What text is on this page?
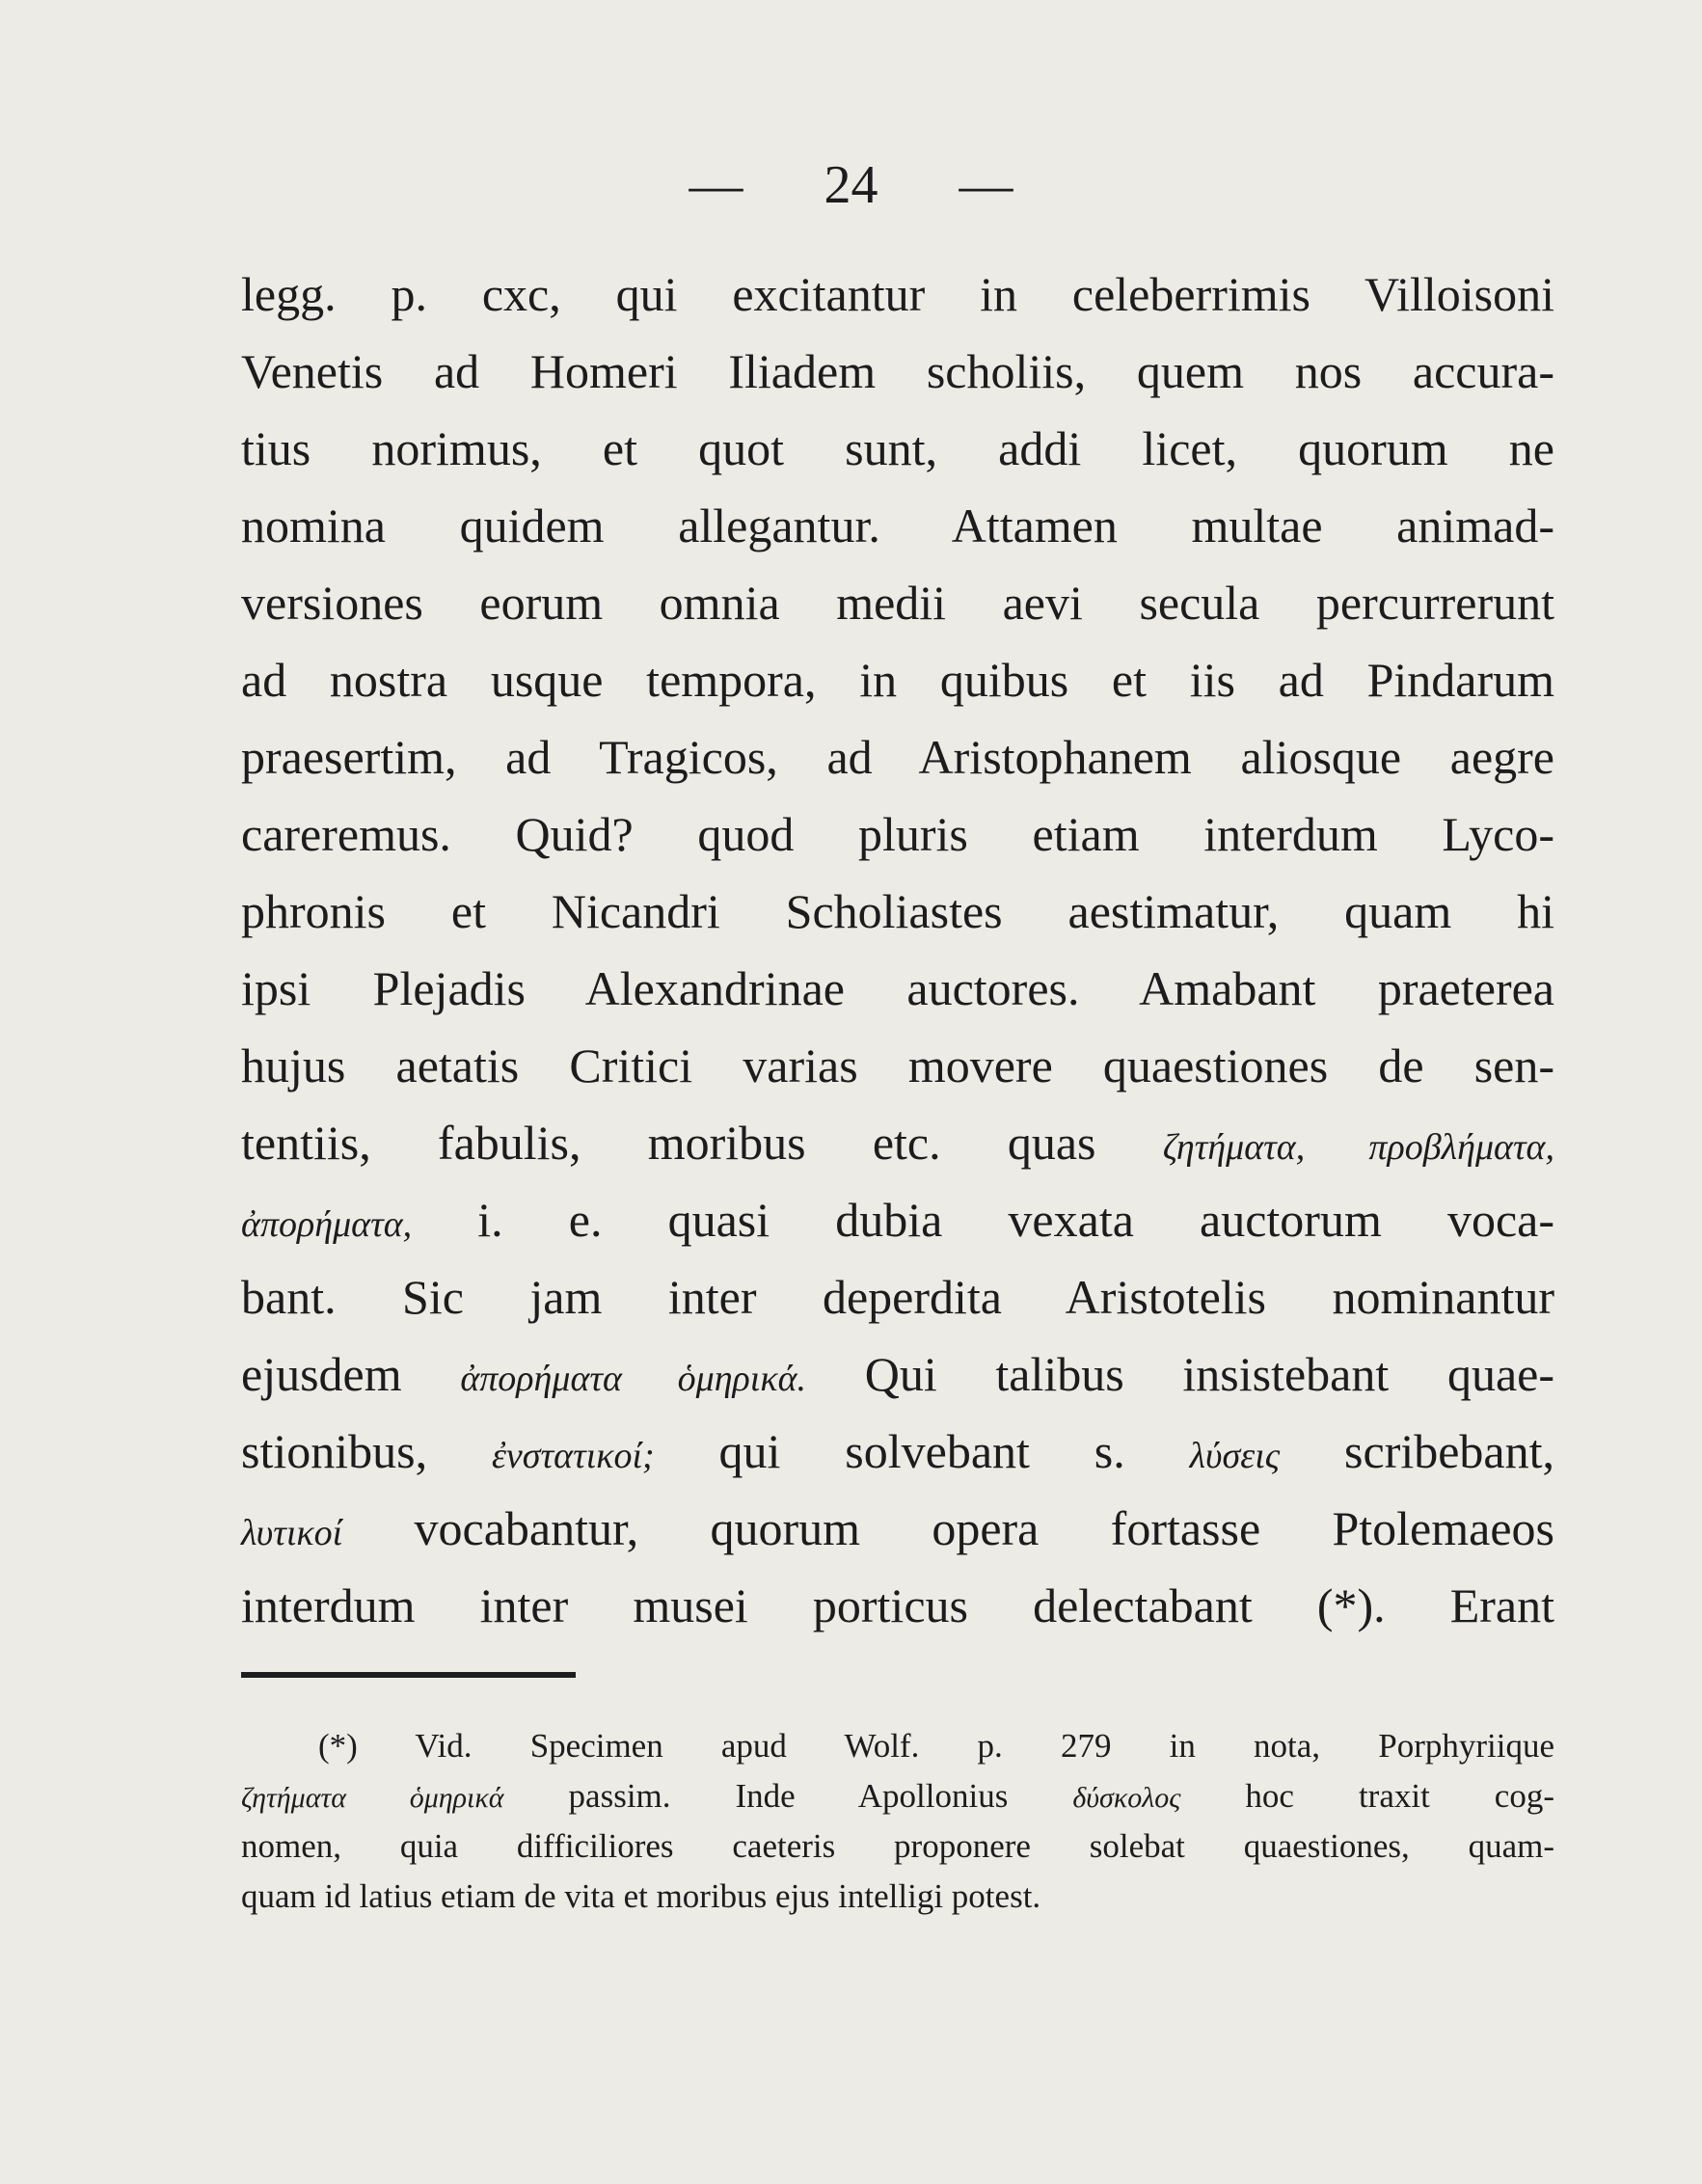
— 24 —
legg. p. cxc, qui excitantur in celeberrimis Villoisoni
Venetis ad Homeri Iliadem scholiis, quem nos accura-
tius norimus, et quot sunt, addi licet, quorum ne
nomina quidem allegantur. Attamen multae animad-
versiones eorum omnia medii aevi secula percurrerunt
ad nostra usque tempora, in quibus et iis ad Pindarum
praesertim, ad Tragicos, ad Aristophanem aliosque aegre
careremus. Quid? quod pluris etiam interdum Lyco-
phronis et Nicandri Scholiastes aestimatur, quam hi
ipsi Plejadis Alexandrinae auctores. Amabant praeterea
hujus aetatis Critici varias movere quaestiones de sen-
tentiis, fabulis, moribus etc. quas ζητήματα, προβλήματα,
ἀπορήματα, i. e. quasi dubia vexata auctorum voca-
bant. Sic jam inter deperdita Aristotelis nominantur
ejusdem ἀπορήματα ὁμηρικά. Qui talibus insistebant quae-
stionibus, ἐνστατικοί; qui solvebant s. λύσεις scribebant,
λυτικοί vocabantur, quorum opera fortasse Ptolemaeos
interdum inter musei porticus delectabant (*). Erant
(*) Vid. Specimen apud Wolf. p. 279 in nota, Porphyriique
ζητήματα ὁμηρικά passim. Inde Apollonius δύσκολος hoc traxit cog-
nomen, quia difficiliores caeteris proponere solebat quaestiones, quam-
quam id latius etiam de vita et moribus ejus intelligi potest.
